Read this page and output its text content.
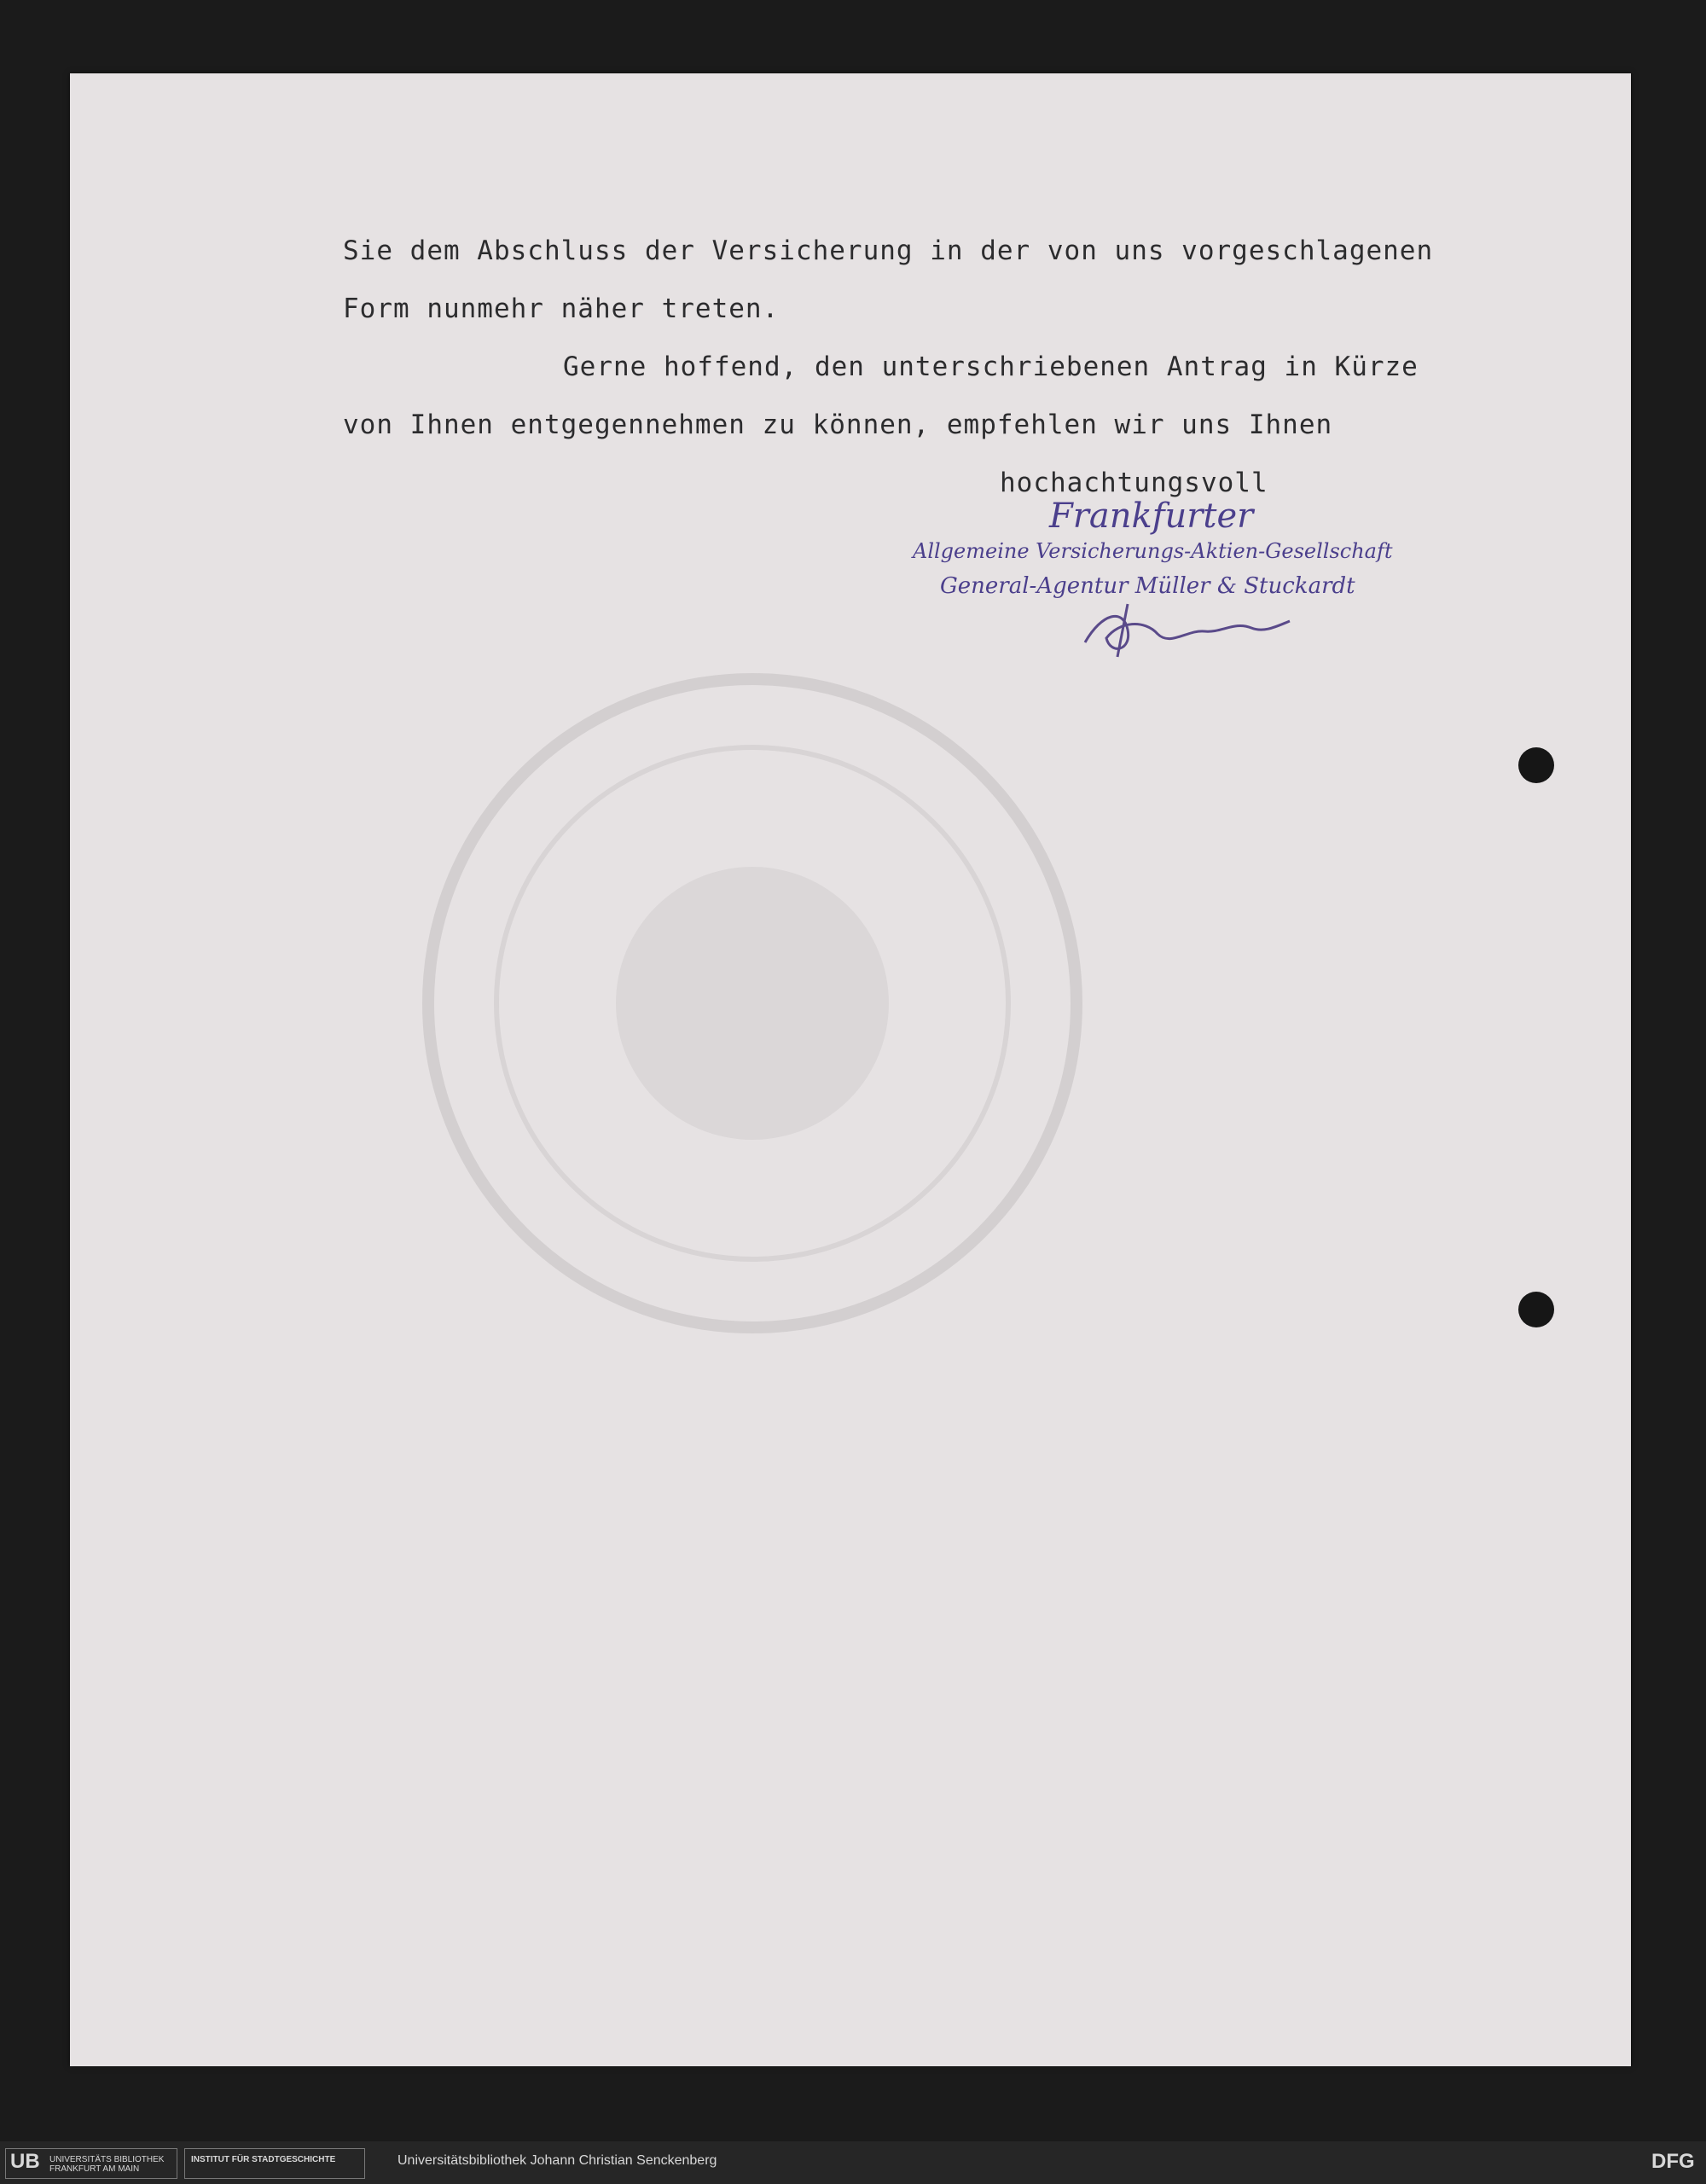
Sie dem Abschluss der Versicherung in der von uns vorgeschlagenen
Form nunmehr näher treten.
Gerne hoffend, den unterschriebenen Antrag in Kürze
von Ihnen entgegennehmen zu können, empfehlen wir uns Ihnen
hochachtungsvoll
Frankfurter
Allgemeine Versicherungs-Aktien-Gesellschaft
General-Agentur Müller & Stuckardt
UB UNIVERSITÄTS BIBLIOTHEK FRANKFURT AM MAIN
INSTITUT FÜR STADTGESCHICHTE	Universitätsbibliothek Johann Christian Senckenberg	DFG
